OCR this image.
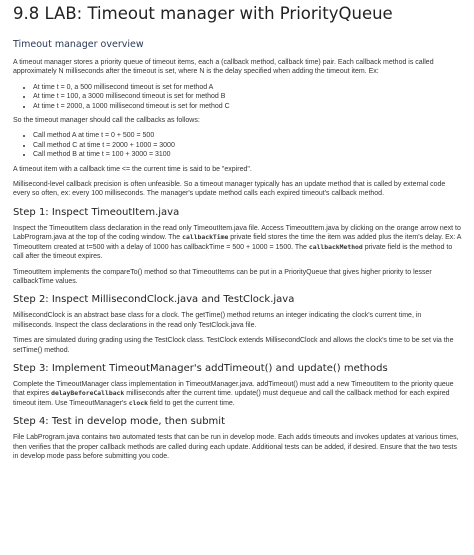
9.8 LAB: Timeout manager with PriorityQueue
Timeout manager overview

A timeout manager stores a priority queue of timeout items, each a (callback method, callback time) pair. Each callback method is called approximately N milliseconds after the timeout is set, where N is the delay specified when adding the timeout item. Ex:

• At time t = 0, a 500 millisecond timeout is set for method A
• At time t = 100, a 3000 millisecond timeout is set for method B
• At time t = 2000, a 1000 millisecond timeout is set for method C

So the timeout manager should call the callbacks as follows:

• Call method A at time t = 0 + 500 = 500
• Call method C at time t = 2000 + 1000 = 3000
• Call method B at time t = 100 + 3000 = 3100

A timeout item with a callback time <= the current time is said to be "expired".

Millisecond-level callback precision is often unfeasible. So a timeout manager typically has an update method that is called by external code every so often, ex: every 100 milliseconds. The manager's update method calls each expired timeout's callback method.

Step 1: Inspect TimeoutItem.java

Inspect the TimeoutItem class declaration in the read only TimeoutItem.java file. Access TimeoutItem.java by clicking on the orange arrow next to LabProgram.java at the top of the coding window. The callbackTime private field stores the time the item was added plus the item's delay. Ex: A TimeoutItem created at t=500 with a delay of 1000 has callbackTime = 500 + 1000 = 1500. The callbackMethod private field is the method to call after the timeout expires.

TimeoutItem implements the compareTo() method so that TimeoutItems can be put in a PriorityQueue that gives higher priority to lesser callbackTime values.

Step 2: Inspect MillisecondClock.java and TestClock.java

MillisecondClock is an abstract base class for a clock. The getTime() method returns an integer indicating the clock's current time, in milliseconds. Inspect the class declarations in the read only TestClock.java file.

Times are simulated during grading using the TestClock class. TestClock extends MillisecondClock and allows the clock's time to be set via the setTime() method.

Step 3: Implement TimeoutManager's addTimeout() and update() methods

Complete the TimeoutManager class implementation in TimeoutManager.java. addTimeout() must add a new TimeoutItem to the priority queue that expires delayBeforeCallback milliseconds after the current time. update() must dequeue and call the callback method for each expired timeout item. Use TimeoutManager's clock field to get the current time.

Step 4: Test in develop mode, then submit

File LabProgram.java contains two automated tests that can be run in develop mode. Each adds timeouts and invokes updates at various times, then verifies that the proper callback methods are called during each update. Additional tests can be added, if desired. Ensure that the two tests in develop mode pass before submitting you code.
